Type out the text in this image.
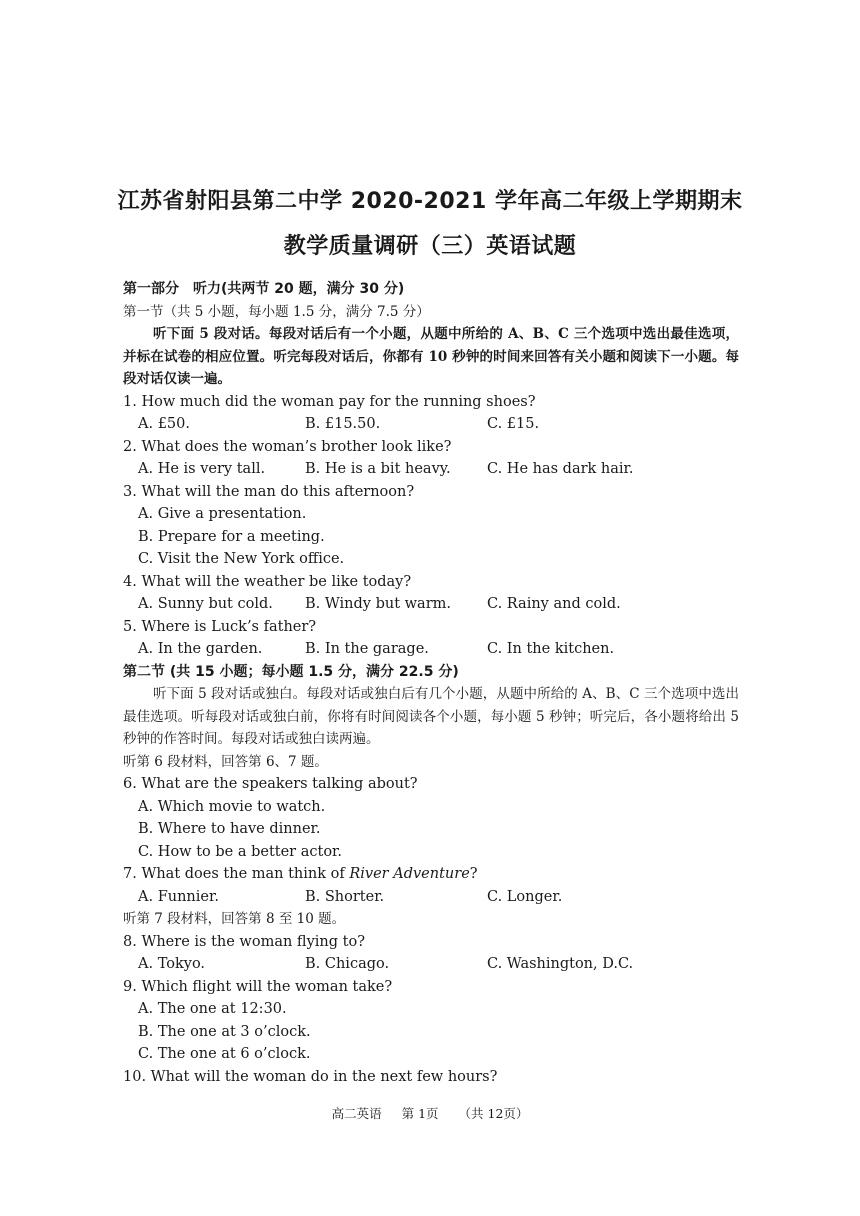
江苏省射阳县第二中学 2020-2021 学年高二年级上学期期末
教学质量调研（三）英语试题
第一部分　听力(共两节 20 题，满分 30 分)
第一节（共 5 小题，每小题 1.5 分，满分 7.5 分）
听下面 5 段对话。每段对话后有一个小题，从题中所给的 A、B、C 三个选项中选出最佳选项，并标在试卷的相应位置。听完每段对话后，你都有 10 秒钟的时间来回答有关小题和阅读下一小题。每段对话仅读一遍。
1. How much did the woman pay for the running shoes?
A. £50.	B. £15.50.	C. £15.
2. What does the woman’s brother look like?
A. He is very tall.	B. He is a bit heavy.	C. He has dark hair.
3. What will the man do this afternoon?
A. Give a presentation.
B. Prepare for a meeting.
C. Visit the New York office.
4. What will the weather be like today?
A. Sunny but cold. B. Windy but warm. C. Rainy and cold.
5. Where is Luck’s father?
A. In the garden.	B. In the garage.	C. In the kitchen.
第二节 (共 15 小题；每小题 1.5 分，满分 22.5 分)
听下面 5 段对话或独白。每段对话或独白后有几个小题，从题中所给的 A、B、C 三个选项中选出最佳选项。听每段对话或独白前，你将有时间阅读各个小题，每小题 5 秒钟；听完后，各小题将给出 5 秒钟的作答时间。每段对话或独白读两遍。
听第 6 段材料，回答第 6、7 题。
6. What are the speakers talking about?
A. Which movie to watch.
B. Where to have dinner.
C. How to be a better actor.
7. What does the man think of River Adventure?
A. Funnier.	B. Shorter.	C. Longer.
听第 7 段材料，回答第 8 至 10 题。
8. Where is the woman flying to?
A. Tokyo.	B. Chicago.	C. Washington, D.C.
9. Which flight will the woman take?
A. The one at 12:30.
B. The one at 3 o’clock.
C. The one at 6 o’clock.
10. What will the woman do in the next few hours?
高二英语 第 1页 （共 12页）
